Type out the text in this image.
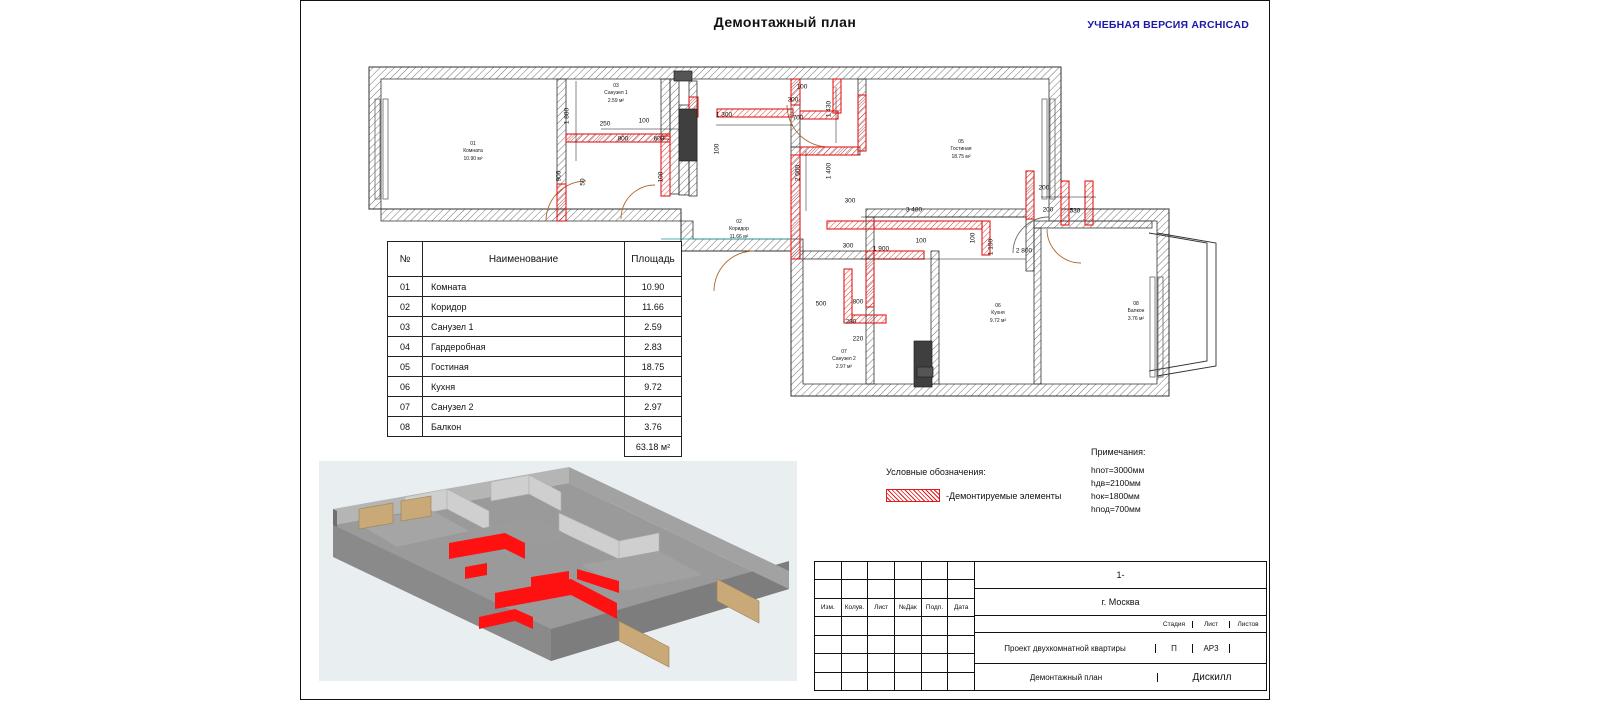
Демонтажный план	УЧЕБНАЯ ВЕРСИЯ ARCHICAD
01
Комната
10.90 м²
03
Санузел 1
2.59 м²
05
Гостиная
18.75 м²
02
Коридор
11.66 м²
06
Кухня
9.72 м²
07
Санузел 2
2.97 м²
08
Балкон
3.76 м²
1 880	250	100
800	600
900
50	100
1 300
100
300
700
100
1 430
2 000	1 400
300
3 400
200
200 530
300	1 900
100	100
1 150	2 800
500	800
280
220
№	Наименование	Площадь
01	Комната	10.90
02	Коридор	11.66
03	Санузел 1	2.59
04	Гардеробная	2.83
05	Гостиная	18.75
06	Кухня	9.72
07	Санузел 2	2.97
08	Балкон	3.76
		63.18 м²
Условные обозначения:
-Демонтируемые элементы
Примечания:
hпот=3000мм
hдв=2100мм
hок=1800мм
hпод=700мм
Изм.	Колув.	Лист	№Дак	Подп.	Дата
1-
г. Москва
Стадия	Лист	Листов
Проект двухкомнатной квартиры	П	АР3
Демонтажный план	Дискилл
